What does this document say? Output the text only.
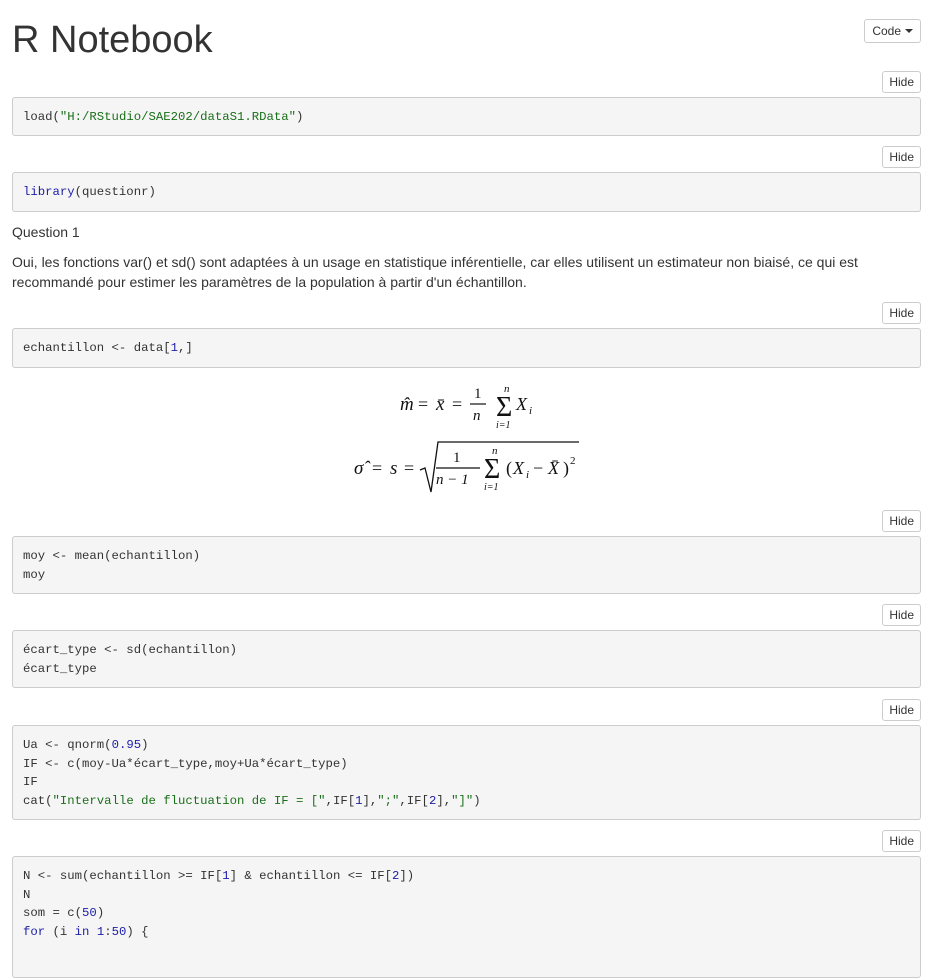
R Notebook	Code
Hide
load("H:/RStudio/SAE202/dataS1.RData")
Hide
library(questionr)
Question 1
Oui, les fonctions var() et sd() sont adaptées à un usage en statistique inférentielle, car elles utilisent un estimateur non biaisé, ce qui est recommandé pour estimer les paramètres de la population à partir d'un échantillon.
Hide
echantillon <- data[1,]
m̂ = x̄ = 1
n
n
Σ
i=1
X i
σ̂ = s =	1
n − 1
n
Σ
i=1
( X i − X̄ ) 2
Hide
moy <- mean(echantillon)
moy
Hide
écart_type <- sd(echantillon)
écart_type
Hide
Ua <- qnorm(0.95)
IF <- c(moy-Ua*écart_type,moy+Ua*écart_type)
IF
cat("Intervalle de fluctuation de IF = [",IF[1],";",IF[2],"]")
Hide
N <- sum(echantillon >= IF[1] & echantillon <= IF[2])
N
som = c(50)
for (i in 1:50) {
